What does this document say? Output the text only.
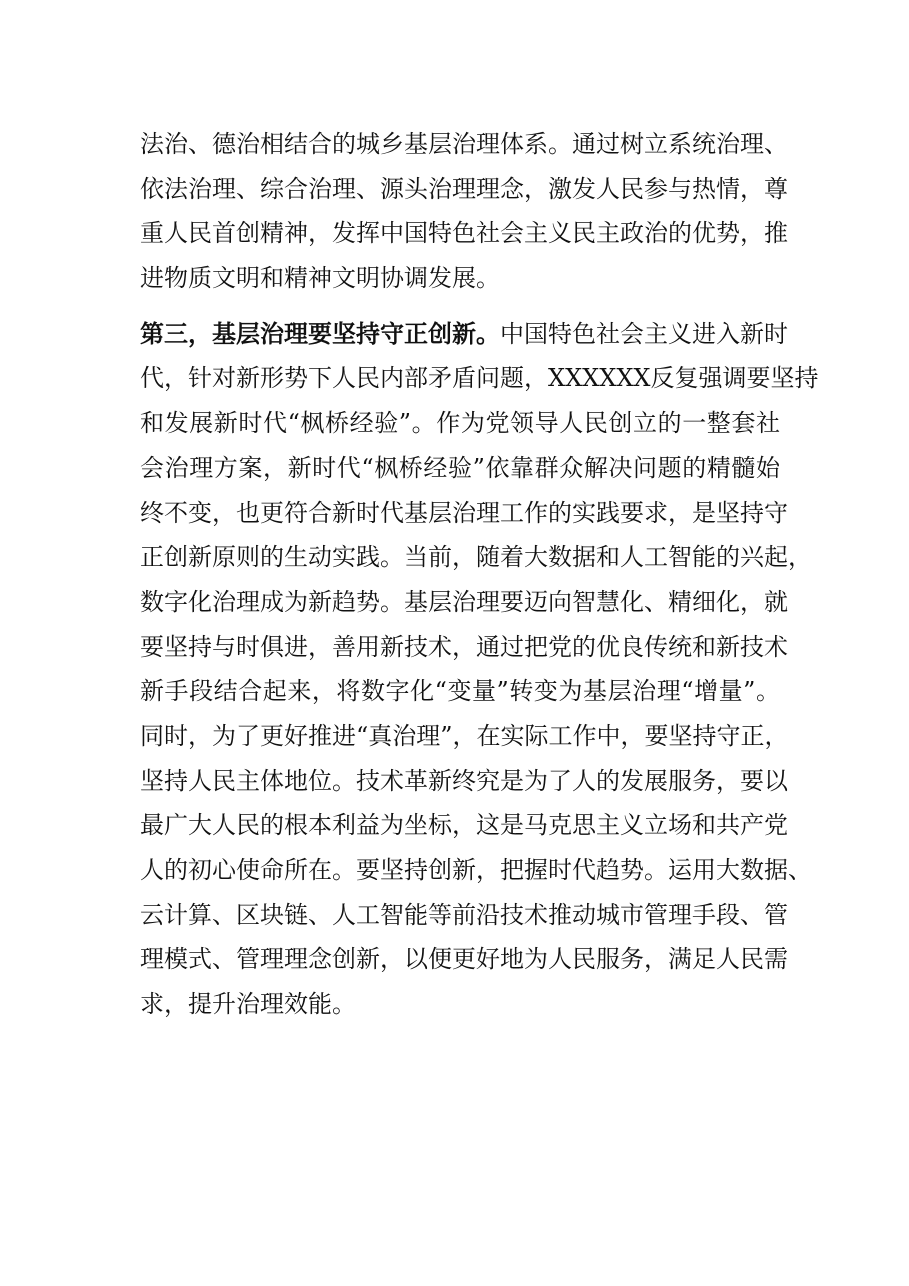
法治、德治相结合的城乡基层治理体系。通过树立系统治理、
依法治理、综合治理、源头治理理念，激发人民参与热情，尊
重人民首创精神，发挥中国特色社会主义民主政治的优势，推
进物质文明和精神文明协调发展。
第三，基层治理要坚持守正创新。中国特色社会主义进入新时
代，针对新形势下人民内部矛盾问题，XXXXXX反复强调要坚持
和发展新时代“枫桥经验”。作为党领导人民创立的一整套社
会治理方案，新时代“枫桥经验”依靠群众解决问题的精髓始
终不变，也更符合新时代基层治理工作的实践要求，是坚持守
正创新原则的生动实践。当前，随着大数据和人工智能的兴起，
数字化治理成为新趋势。基层治理要迈向智慧化、精细化，就
要坚持与时俱进，善用新技术，通过把党的优良传统和新技术
新手段结合起来，将数字化“变量”转变为基层治理“增量”。
同时，为了更好推进“真治理”，在实际工作中，要坚持守正，
坚持人民主体地位。技术革新终究是为了人的发展服务，要以
最广大人民的根本利益为坐标，这是马克思主义立场和共产党
人的初心使命所在。要坚持创新，把握时代趋势。运用大数据、
云计算、区块链、人工智能等前沿技术推动城市管理手段、管
理模式、管理理念创新，以便更好地为人民服务，满足人民需
求，提升治理效能。
